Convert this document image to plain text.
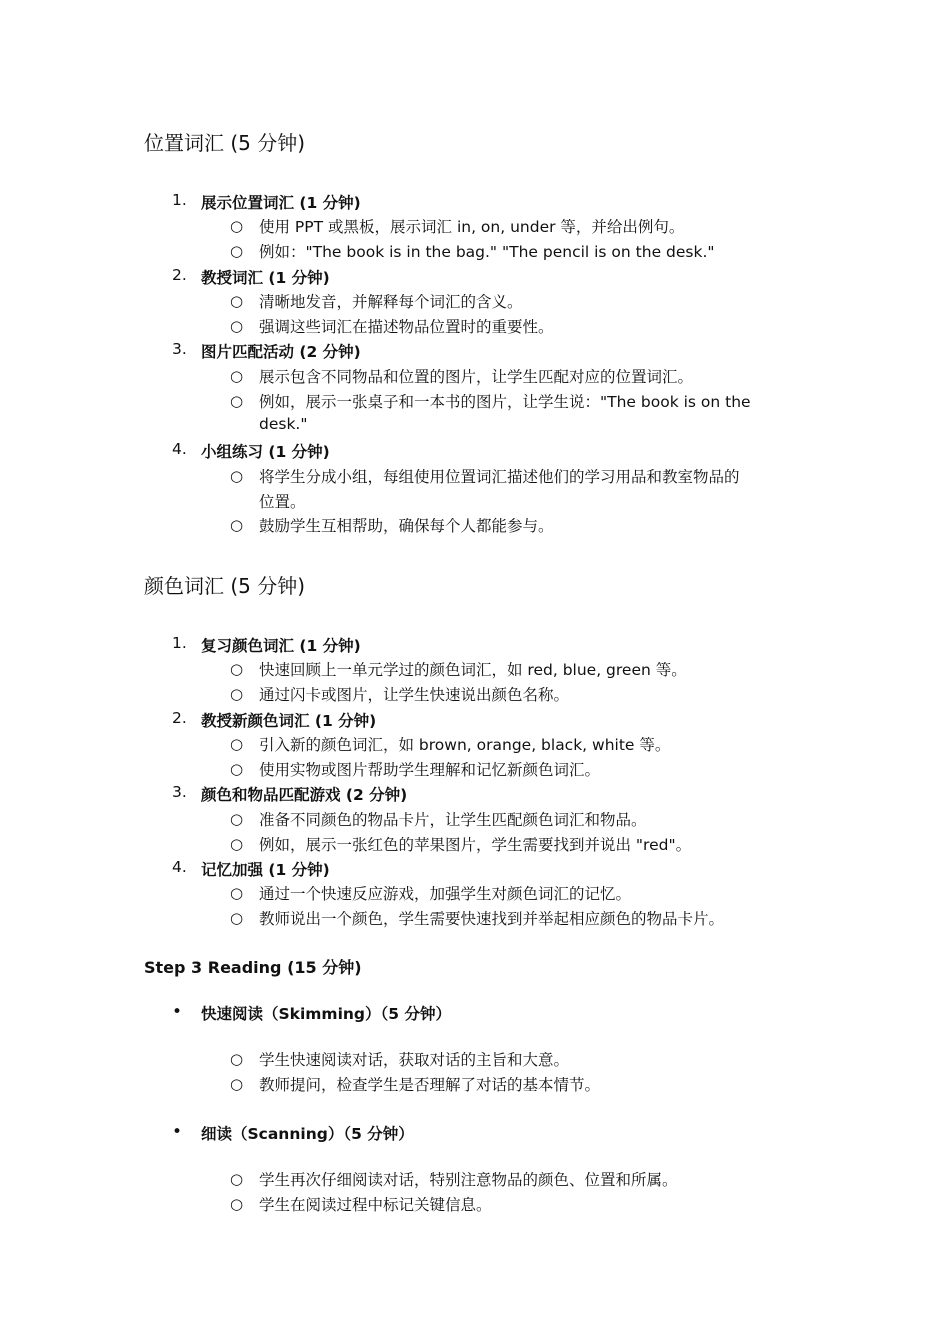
位置词汇 (5 分钟)
1. 展示位置词汇 (1 分钟)
○ 使用 PPT 或黑板，展示词汇 in, on, under 等，并给出例句。
○ 例如："The book is in the bag." "The pencil is on the desk."
2. 教授词汇 (1 分钟)
○ 清晰地发音，并解释每个词汇的含义。
○ 强调这些词汇在描述物品位置时的重要性。
3. 图片匹配活动 (2 分钟)
○ 展示包含不同物品和位置的图片，让学生匹配对应的位置词汇。
○ 例如，展示一张桌子和一本书的图片，让学生说："The book is on the
desk."
4. 小组练习 (1 分钟)
○ 将学生分成小组，每组使用位置词汇描述他们的学习用品和教室物品的
位置。
○ 鼓励学生互相帮助，确保每个人都能参与。
颜色词汇 (5 分钟)
1. 复习颜色词汇 (1 分钟)
○ 快速回顾上一单元学过的颜色词汇，如 red, blue, green 等。
○ 通过闪卡或图片，让学生快速说出颜色名称。
2. 教授新颜色词汇 (1 分钟)
○ 引入新的颜色词汇，如 brown, orange, black, white 等。
○ 使用实物或图片帮助学生理解和记忆新颜色词汇。
3. 颜色和物品匹配游戏 (2 分钟)
○ 准备不同颜色的物品卡片，让学生匹配颜色词汇和物品。
○ 例如，展示一张红色的苹果图片，学生需要找到并说出 "red"。
4. 记忆加强 (1 分钟)
○ 通过一个快速反应游戏，加强学生对颜色词汇的记忆。
○ 教师说出一个颜色，学生需要快速找到并举起相应颜色的物品卡片。
Step 3 Reading (15 分钟)
• 快速阅读（Skimming）（5 分钟）
○ 学生快速阅读对话，获取对话的主旨和大意。
○ 教师提问，检查学生是否理解了对话的基本情节。
• 细读（Scanning）（5 分钟）
○ 学生再次仔细阅读对话，特别注意物品的颜色、位置和所属。
○ 学生在阅读过程中标记关键信息。
